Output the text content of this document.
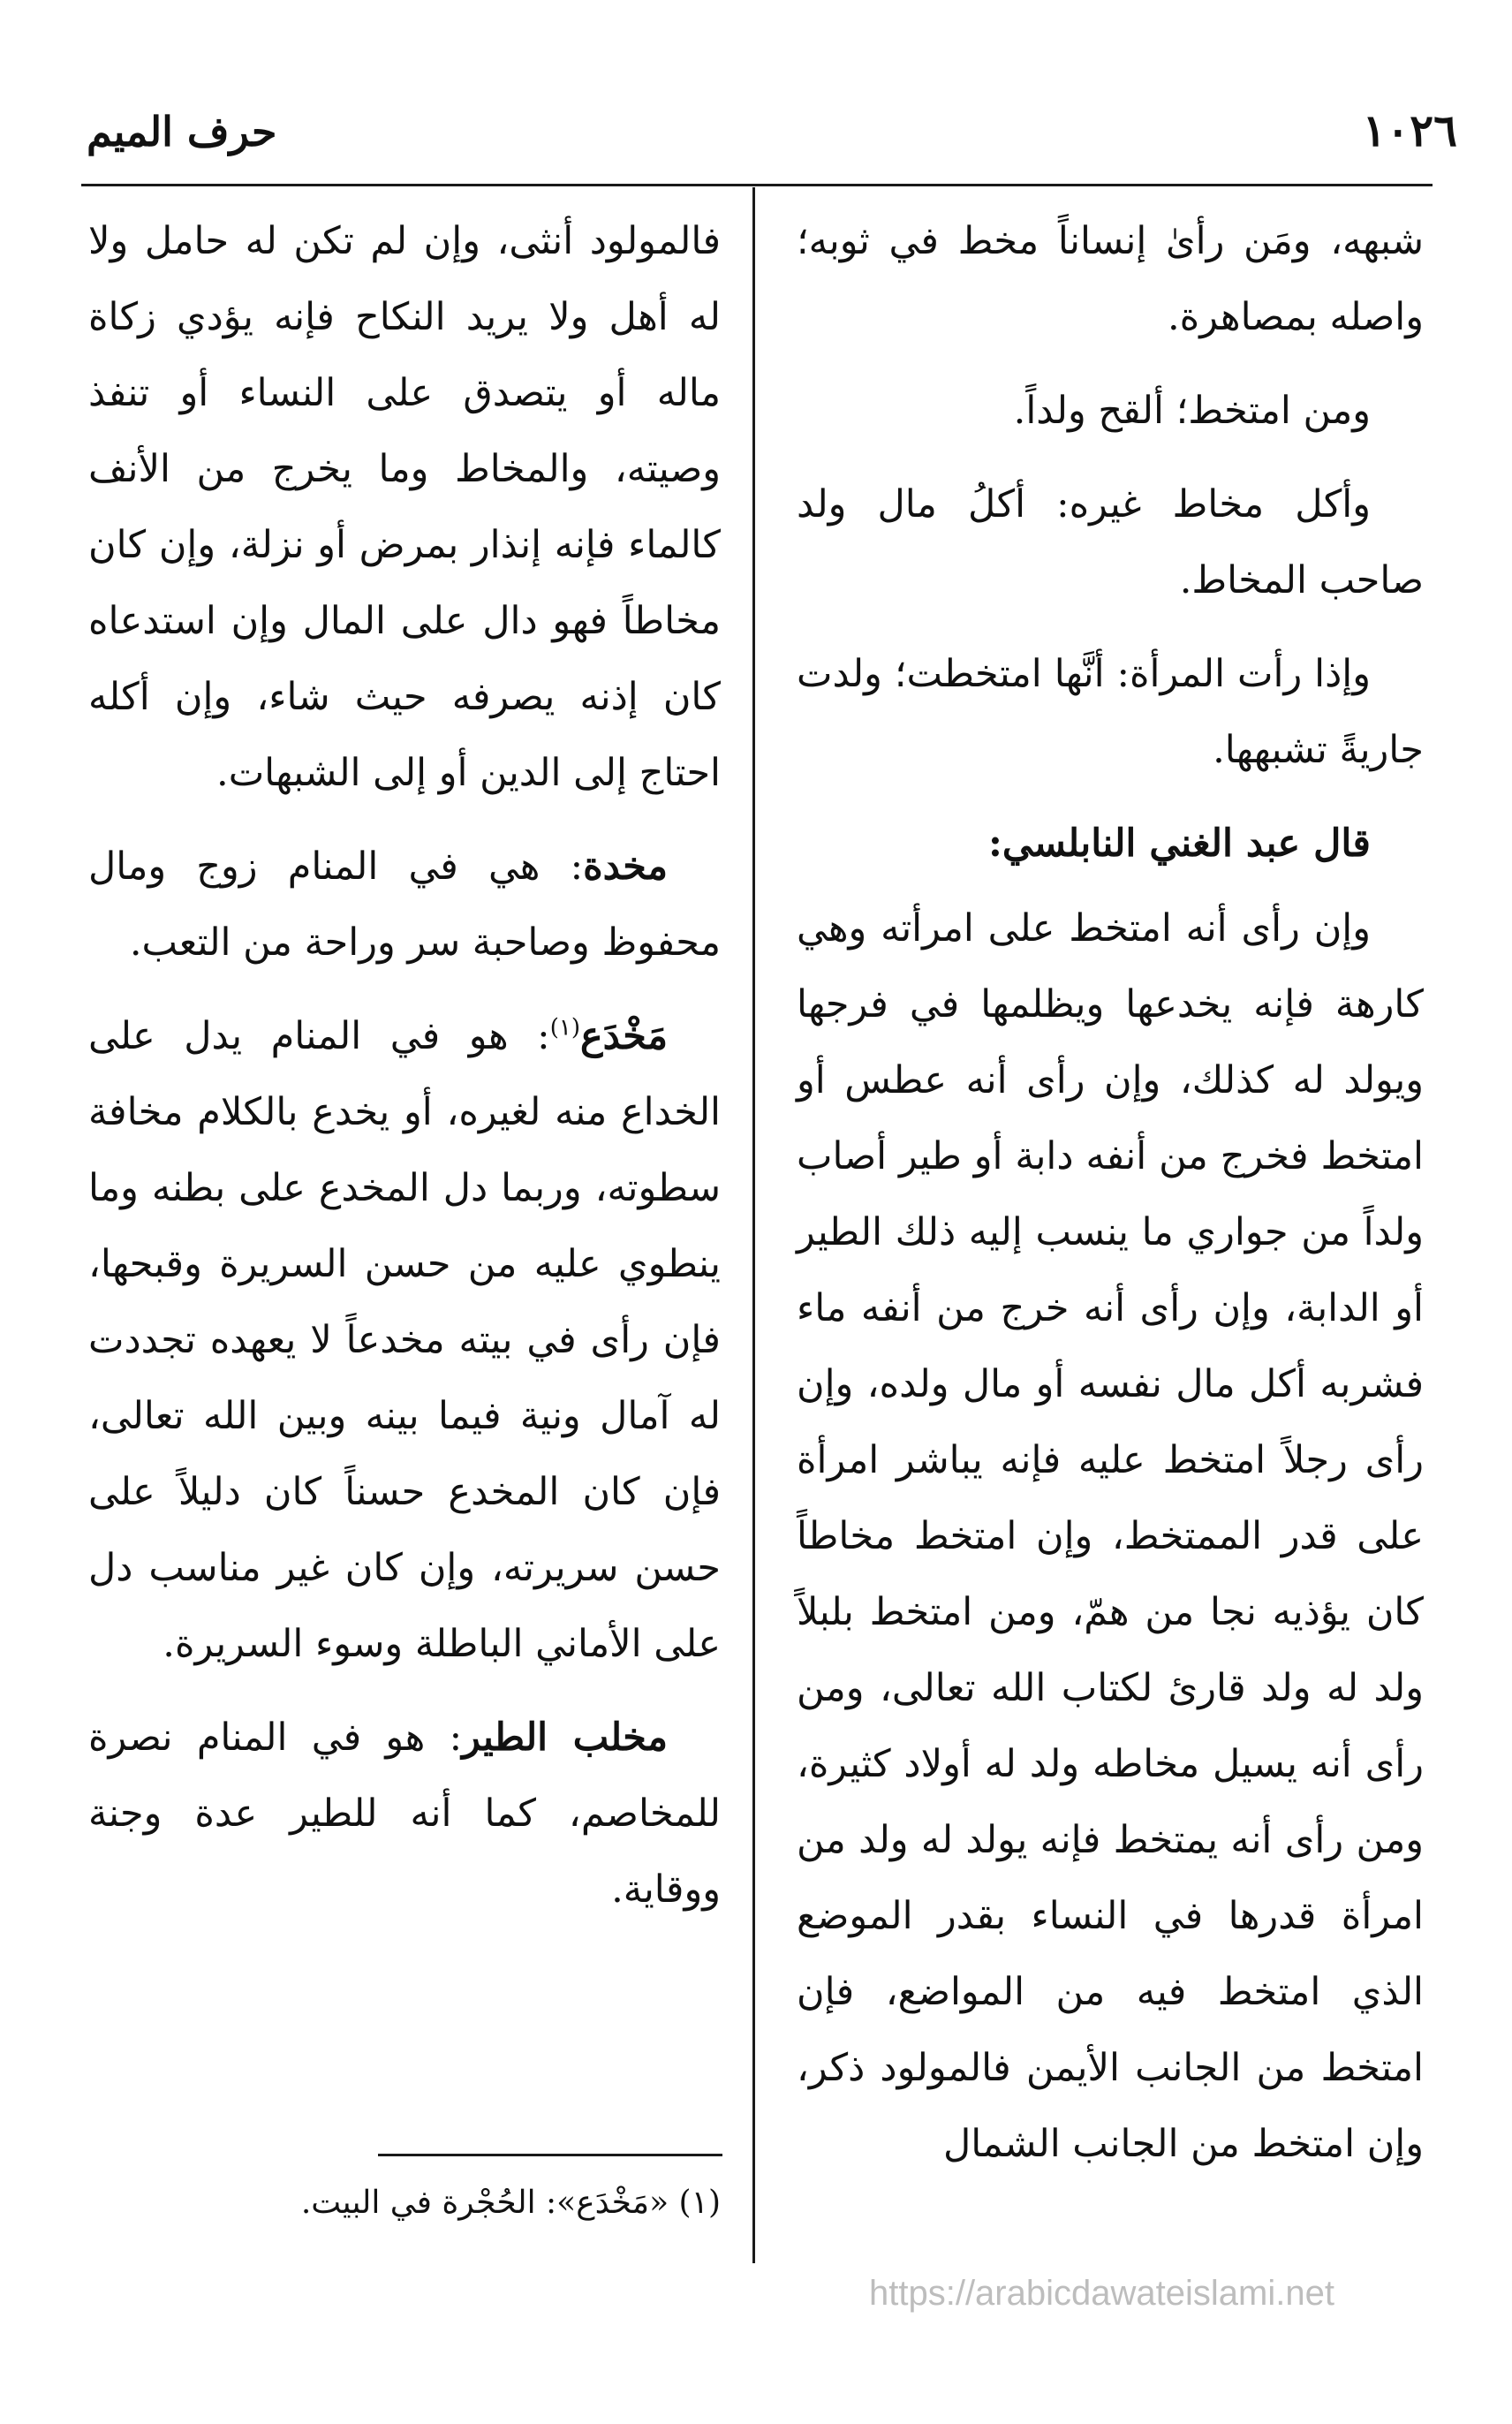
١٠٢٦
حرف الميم

شبهه، ومَن رأىٰ إنساناً مخط في ثوبه؛ واصله بمصاهرة.

ومن امتخط؛ ألقح ولداً.

وأكل مخاط غيره: أكلُ مال ولد صاحب المخاط.

وإذا رأت المرأة: أنَّها امتخطت؛ ولدت جاريةً تشبهها.

قال عبد الغني النابلسي:

وإن رأى أنه امتخط على امرأته وهي كارهة فإنه يخدعها ويظلمها في فرجها ويولد له كذلك، وإن رأى أنه عطس أو امتخط فخرج من أنفه دابة أو طير أصاب ولداً من جواري ما ينسب إليه ذلك الطير أو الدابة، وإن رأى أنه خرج من أنفه ماء فشربه أكل مال نفسه أو مال ولده، وإن رأى رجلاً امتخط عليه فإنه يباشر امرأة على قدر الممتخط، وإن امتخط مخاطاً كان يؤذيه نجا من همّ، ومن امتخط بلبلاً ولد له ولد قارئ لكتاب الله تعالى، ومن رأى أنه يسيل مخاطه ولد له أولاد كثيرة، ومن رأى أنه يمتخط فإنه يولد له ولد من امرأة قدرها في النساء بقدر الموضع الذي امتخط فيه من المواضع، فإن امتخط من الجانب الأيمن فالمولود ذكر، وإن امتخط من الجانب الشمال

فالمولود أنثى، وإن لم تكن له حامل ولا له أهل ولا يريد النكاح فإنه يؤدي زكاة ماله أو يتصدق على النساء أو تنفذ وصيته، والمخاط وما يخرج من الأنف كالماء فإنه إنذار بمرض أو نزلة، وإن كان مخاطاً فهو دال على المال وإن استدعاه كان إذنه يصرفه حيث شاء، وإن أكله احتاج إلى الدين أو إلى الشبهات.

مخدة: هي في المنام زوج ومال محفوظ وصاحبة سر وراحة من التعب.

مَخْدَع$^{(١)}$: هو في المنام يدل على الخداع منه لغيره، أو يخدع بالكلام مخافة سطوته، وربما دل المخدع على بطنه وما ينطوي عليه من حسن السريرة وقبحها، فإن رأى في بيته مخدعاً لا يعهده تجددت له آمال ونية فيما بينه وبين الله تعالى، فإن كان المخدع حسناً كان دليلاً على حسن سريرته، وإن كان غير مناسب دل على الأماني الباطلة وسوء السريرة.

مخلب الطير: هو في المنام نصرة للمخاصم، كما أنه للطير عدة وجنة ووقاية.

(١) «مَخْدَع»: الحُجْرة في البيت.
https://arabicdawateislami.net
